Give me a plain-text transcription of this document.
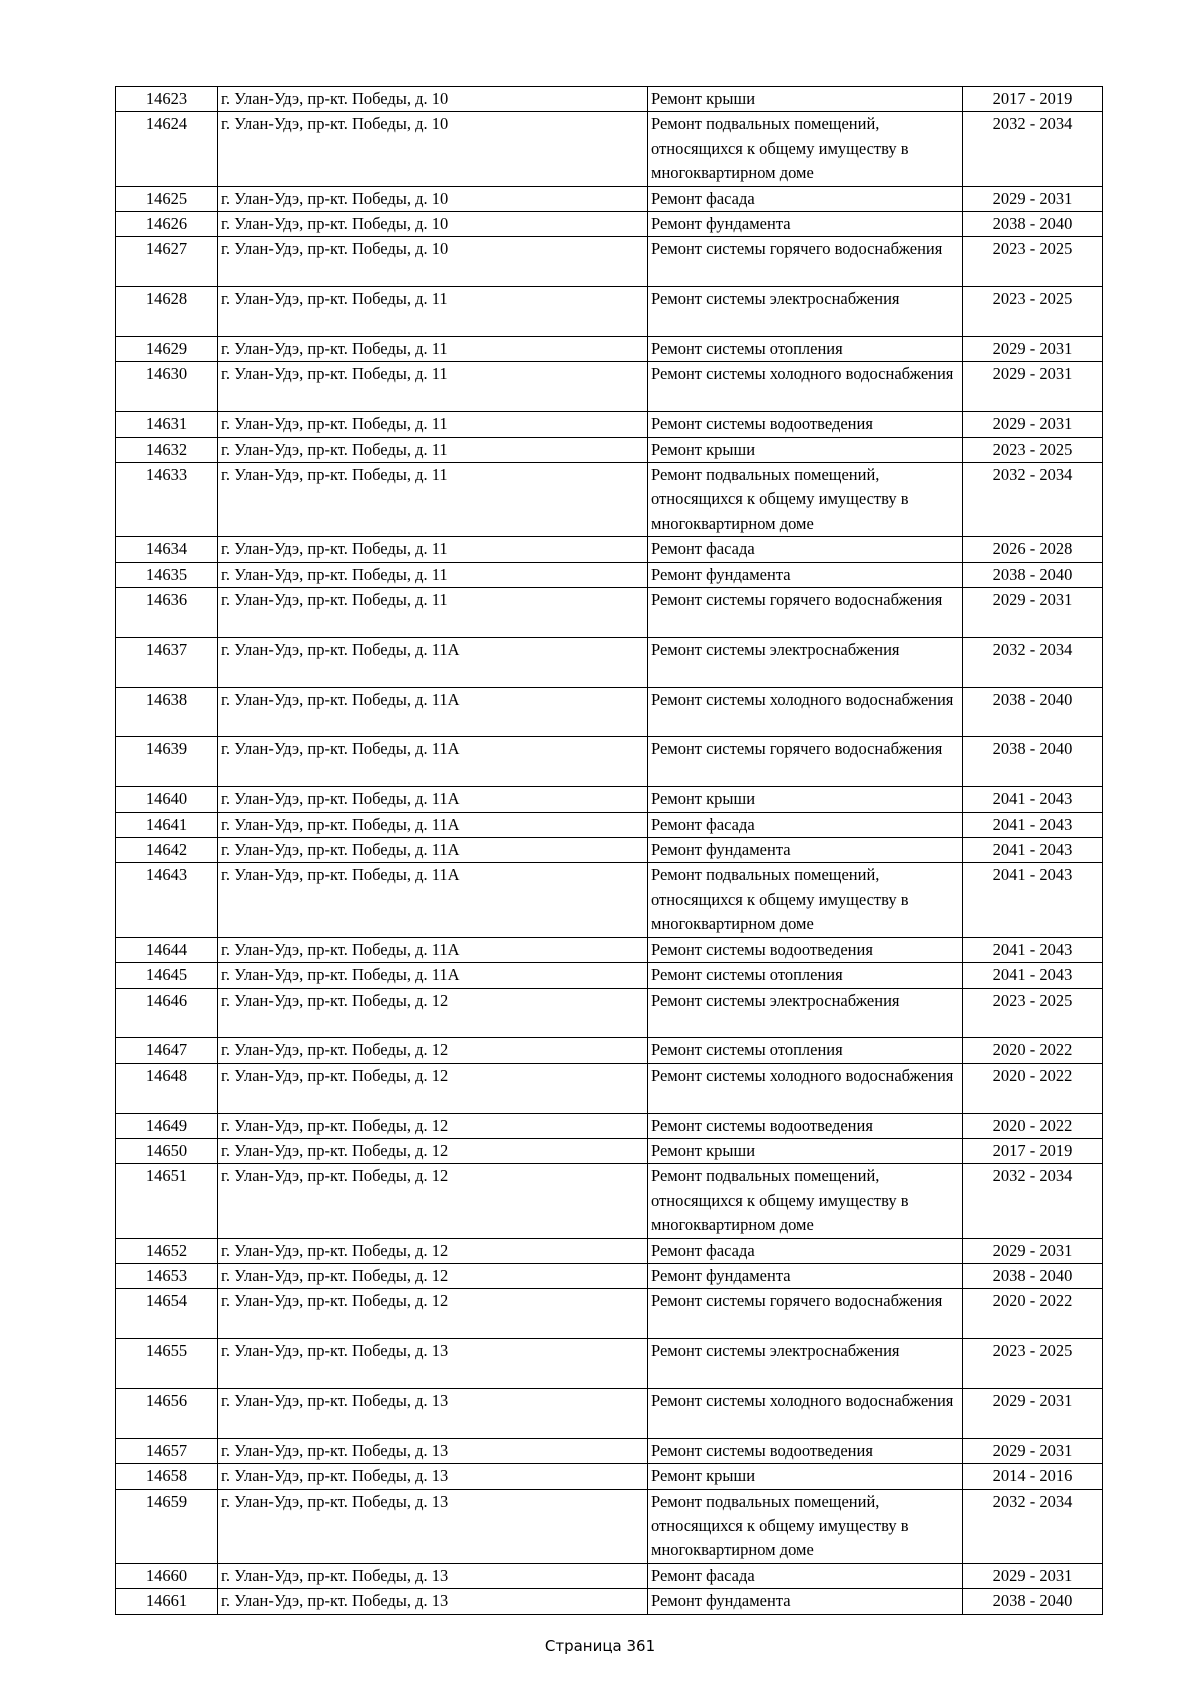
14623	г. Улан-Удэ, пр-кт. Победы, д. 10	Ремонт крыши	2017 - 2019
14624	г. Улан-Удэ, пр-кт. Победы, д. 10	Ремонт подвальных помещений, относящихся к общему имуществу в многоквартирном доме	2032 - 2034
14625	г. Улан-Удэ, пр-кт. Победы, д. 10	Ремонт фасада	2029 - 2031
14626	г. Улан-Удэ, пр-кт. Победы, д. 10	Ремонт фундамента	2038 - 2040
14627	г. Улан-Удэ, пр-кт. Победы, д. 10	Ремонт системы горячего водоснабжения	2023 - 2025
14628	г. Улан-Удэ, пр-кт. Победы, д. 11	Ремонт системы электроснабжения	2023 - 2025
14629	г. Улан-Удэ, пр-кт. Победы, д. 11	Ремонт системы отопления	2029 - 2031
14630	г. Улан-Удэ, пр-кт. Победы, д. 11	Ремонт системы холодного водоснабжения	2029 - 2031
14631	г. Улан-Удэ, пр-кт. Победы, д. 11	Ремонт системы водоотведения	2029 - 2031
14632	г. Улан-Удэ, пр-кт. Победы, д. 11	Ремонт крыши	2023 - 2025
14633	г. Улан-Удэ, пр-кт. Победы, д. 11	Ремонт подвальных помещений, относящихся к общему имуществу в многоквартирном доме	2032 - 2034
14634	г. Улан-Удэ, пр-кт. Победы, д. 11	Ремонт фасада	2026 - 2028
14635	г. Улан-Удэ, пр-кт. Победы, д. 11	Ремонт фундамента	2038 - 2040
14636	г. Улан-Удэ, пр-кт. Победы, д. 11	Ремонт системы горячего водоснабжения	2029 - 2031
14637	г. Улан-Удэ, пр-кт. Победы, д. 11А	Ремонт системы электроснабжения	2032 - 2034
14638	г. Улан-Удэ, пр-кт. Победы, д. 11А	Ремонт системы холодного водоснабжения	2038 - 2040
14639	г. Улан-Удэ, пр-кт. Победы, д. 11А	Ремонт системы горячего водоснабжения	2038 - 2040
14640	г. Улан-Удэ, пр-кт. Победы, д. 11А	Ремонт крыши	2041 - 2043
14641	г. Улан-Удэ, пр-кт. Победы, д. 11А	Ремонт фасада	2041 - 2043
14642	г. Улан-Удэ, пр-кт. Победы, д. 11А	Ремонт фундамента	2041 - 2043
14643	г. Улан-Удэ, пр-кт. Победы, д. 11А	Ремонт подвальных помещений, относящихся к общему имуществу в многоквартирном доме	2041 - 2043
14644	г. Улан-Удэ, пр-кт. Победы, д. 11А	Ремонт системы водоотведения	2041 - 2043
14645	г. Улан-Удэ, пр-кт. Победы, д. 11А	Ремонт системы отопления	2041 - 2043
14646	г. Улан-Удэ, пр-кт. Победы, д. 12	Ремонт системы электроснабжения	2023 - 2025
14647	г. Улан-Удэ, пр-кт. Победы, д. 12	Ремонт системы отопления	2020 - 2022
14648	г. Улан-Удэ, пр-кт. Победы, д. 12	Ремонт системы холодного водоснабжения	2020 - 2022
14649	г. Улан-Удэ, пр-кт. Победы, д. 12	Ремонт системы водоотведения	2020 - 2022
14650	г. Улан-Удэ, пр-кт. Победы, д. 12	Ремонт крыши	2017 - 2019
14651	г. Улан-Удэ, пр-кт. Победы, д. 12	Ремонт подвальных помещений, относящихся к общему имуществу в многоквартирном доме	2032 - 2034
14652	г. Улан-Удэ, пр-кт. Победы, д. 12	Ремонт фасада	2029 - 2031
14653	г. Улан-Удэ, пр-кт. Победы, д. 12	Ремонт фундамента	2038 - 2040
14654	г. Улан-Удэ, пр-кт. Победы, д. 12	Ремонт системы горячего водоснабжения	2020 - 2022
14655	г. Улан-Удэ, пр-кт. Победы, д. 13	Ремонт системы электроснабжения	2023 - 2025
14656	г. Улан-Удэ, пр-кт. Победы, д. 13	Ремонт системы холодного водоснабжения	2029 - 2031
14657	г. Улан-Удэ, пр-кт. Победы, д. 13	Ремонт системы водоотведения	2029 - 2031
14658	г. Улан-Удэ, пр-кт. Победы, д. 13	Ремонт крыши	2014 - 2016
14659	г. Улан-Удэ, пр-кт. Победы, д. 13	Ремонт подвальных помещений, относящихся к общему имуществу в многоквартирном доме	2032 - 2034
14660	г. Улан-Удэ, пр-кт. Победы, д. 13	Ремонт фасада	2029 - 2031
14661	г. Улан-Удэ, пр-кт. Победы, д. 13	Ремонт фундамента	2038 - 2040
Страница 361
